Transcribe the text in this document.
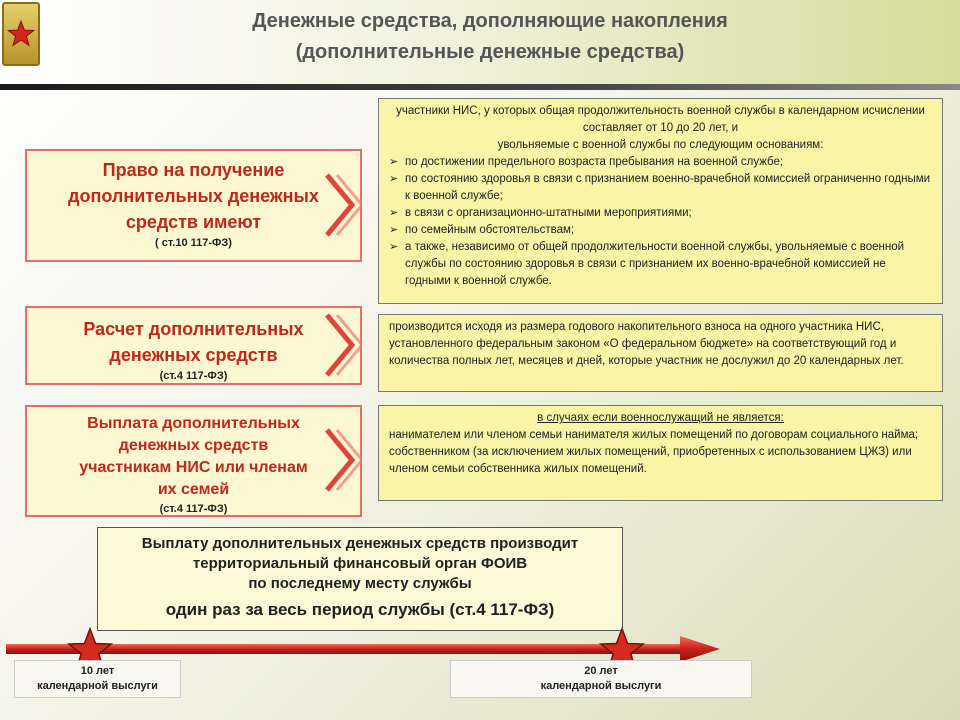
Денежные средства, дополняющие накопления
(дополнительные денежные средства)
Право на получение дополнительных денежных средств имеют
( ст.10 117-ФЗ)
участники НИС, у которых общая продолжительность военной службы в календарном исчислении составляет от 10 до 20 лет, и
увольняемые с военной службы по следующим основаниям:
➢ по достижении предельного возраста пребывания на военной службе;
➢ по состоянию здоровья в связи с признанием военно-врачебной комиссией ограниченно годными к военной службе;
➢ в связи с организационно-штатными мероприятиями;
➢ по семейным обстоятельствам;
➢ а также, независимо от общей продолжительности военной службы, увольняемые с военной службы по состоянию здоровья в связи с признанием их военно-врачебной комиссией не годными к военной службе.
Расчет дополнительных денежных средств
(ст.4 117-ФЗ)
производится исходя из размера годового накопительного взноса на одного участника НИС, установленного федеральным законом «О федеральном бюджете» на соответствующий год и количества полных лет, месяцев и дней, которые участник не дослужил до 20 календарных лет.
Выплата дополнительных денежных средств участникам НИС или членам их семей
(ст.4 117-ФЗ)
в случаях если военнослужащий не является:
нанимателем или членом семьи нанимателя жилых помещений по договорам социального найма;
собственником (за исключением жилых помещений, приобретенных с использованием ЦЖЗ) или членом семьи собственника жилых помещений.
Выплату дополнительных денежных средств производит
территориальный финансовый орган ФОИВ
по последнему месту службы
один раз за весь период службы (ст.4 117-ФЗ)
10 лет
календарной выслуги
20 лет
календарной выслуги
